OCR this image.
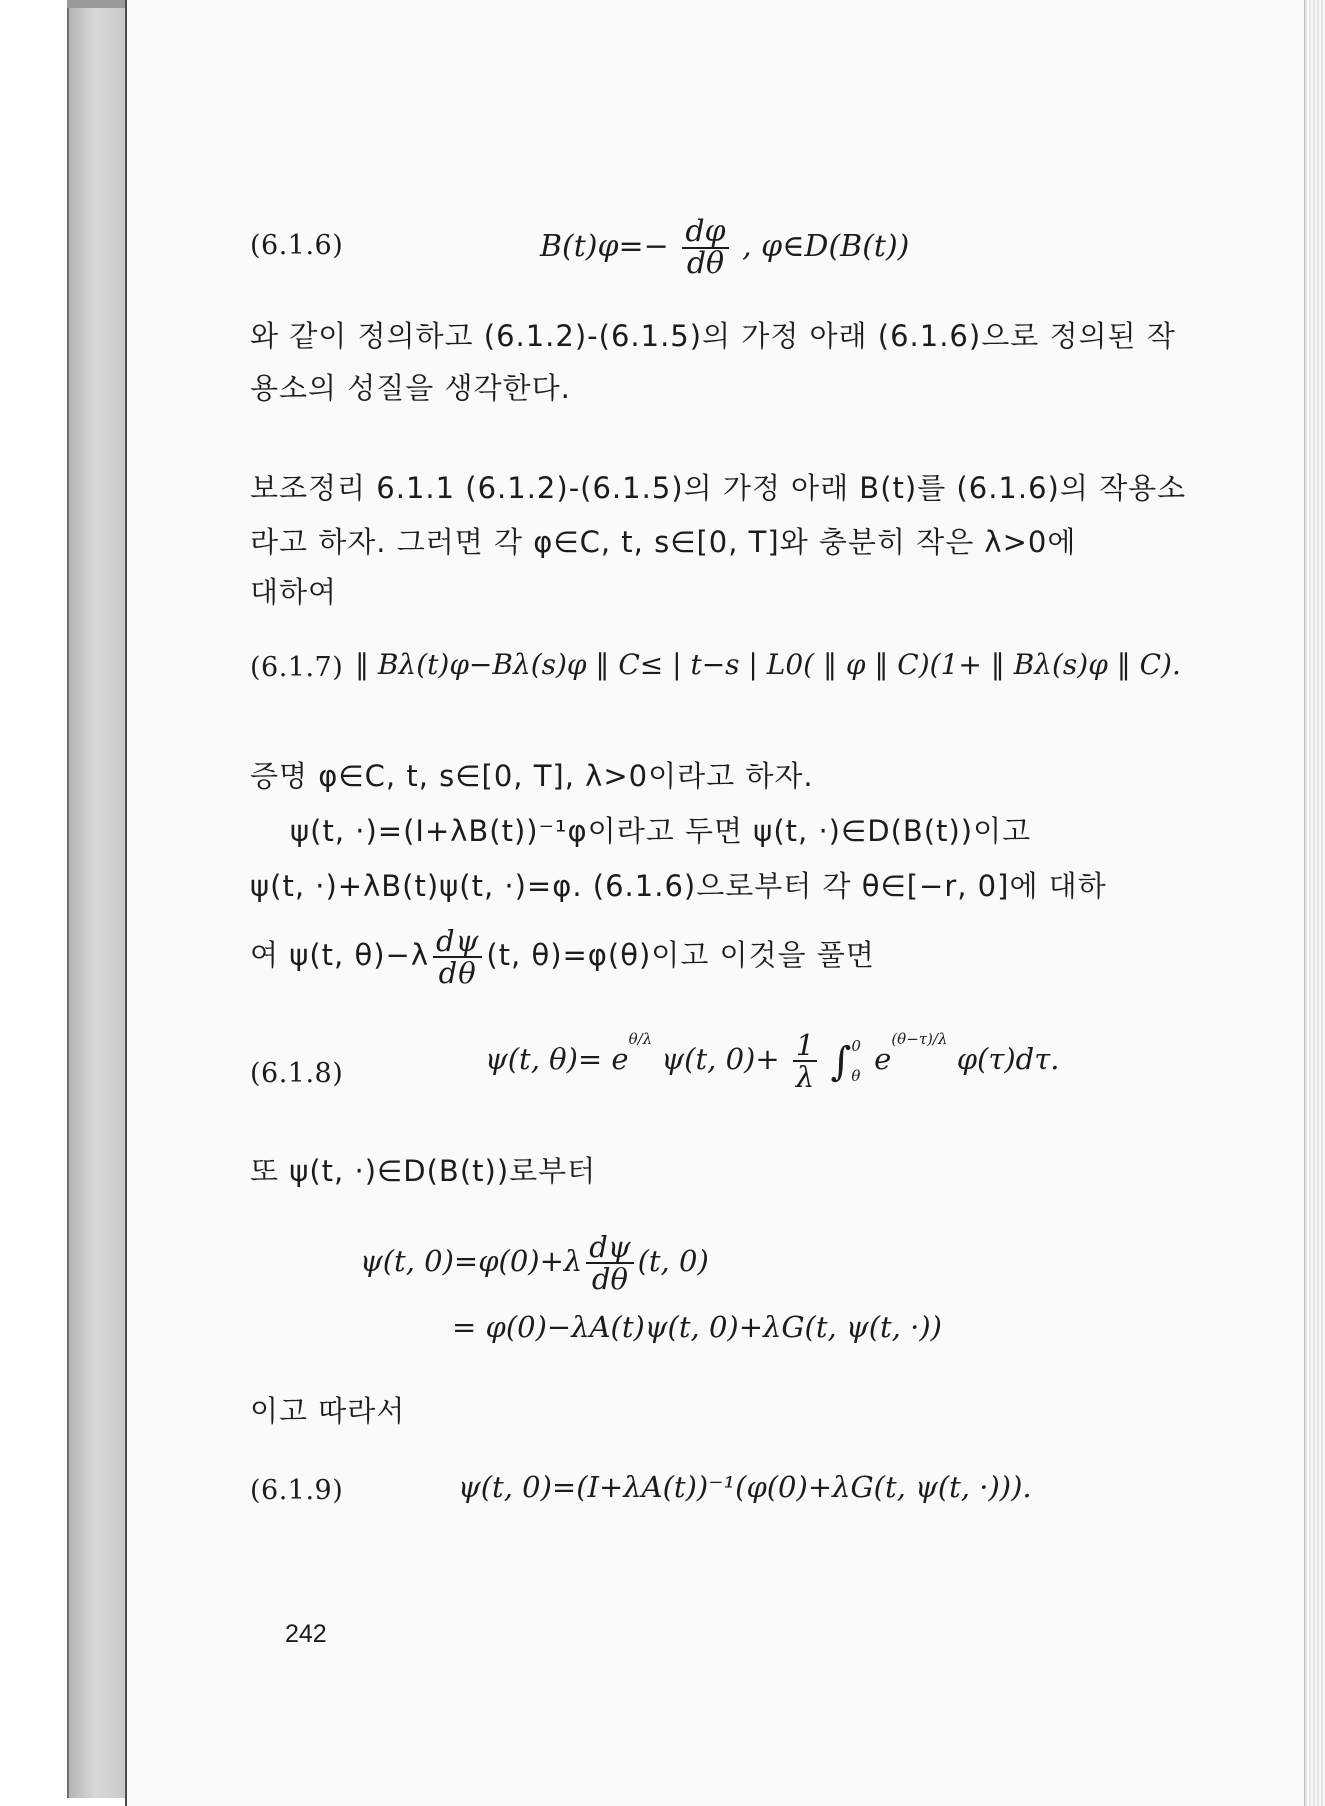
(6.1.6)	$B(t)\varphi=- \frac{d\varphi}{d\theta}$ , φ∈D(B(t))
와 같이 정의하고 (6.1.2)-(6.1.5)의 가정 아래 (6.1.6)으로 정의된 작
용소의 성질을 생각한다.
보조정리 6.1.1 (6.1.2)-(6.1.5)의 가정 아래 B(t)를 (6.1.6)의 작용소
라고 하자. 그러면 각 φ∈C, t, s∈[0, T]와 충분히 작은 λ>0에
대하여
(6.1.7) ‖ Bλ(t)φ−Bλ(s)φ ‖ C≤ | t−s | L0( ‖ φ ‖ C)(1+ ‖ Bλ(s)φ ‖ C).
증명 φ∈C, t, s∈[0, T], λ>0이라고 하자.
ψ(t, ·)=(I+λB(t))⁻¹φ이라고 두면 ψ(t, ·)∈D(B(t))이고
ψ(t, ·)+λB(t)ψ(t, ·)=φ. (6.1.6)으로부터 각 θ∈[−r, 0]에 대하
여 ψ(t, $\theta)-\lambda \frac{d\psi}{d\theta} (t$, θ)=φ(θ)이고 이것을 풀면
(6.1.8)	ψ(t, $\theta)= e^{\theta/\lambda}$ ψ(t, $0)+ \frac{1}{\lambda}$ ∫ 0
θ $e^{(\theta-\tau)/\lambda}$ φ(τ)dτ.
또 ψ(t, ·)∈D(B(t))로부터
ψ(t, $0)=\varphi(0)+\lambda \frac{d\psi}{d\theta} (t$, 0)
= φ(0)−λA(t)ψ(t, 0)+λG(t, ψ(t, ·))
이고 따라서
(6.1.9)	ψ(t, 0)=(I+λA(t))⁻¹(φ(0)+λG(t, ψ(t, ·))).
242
